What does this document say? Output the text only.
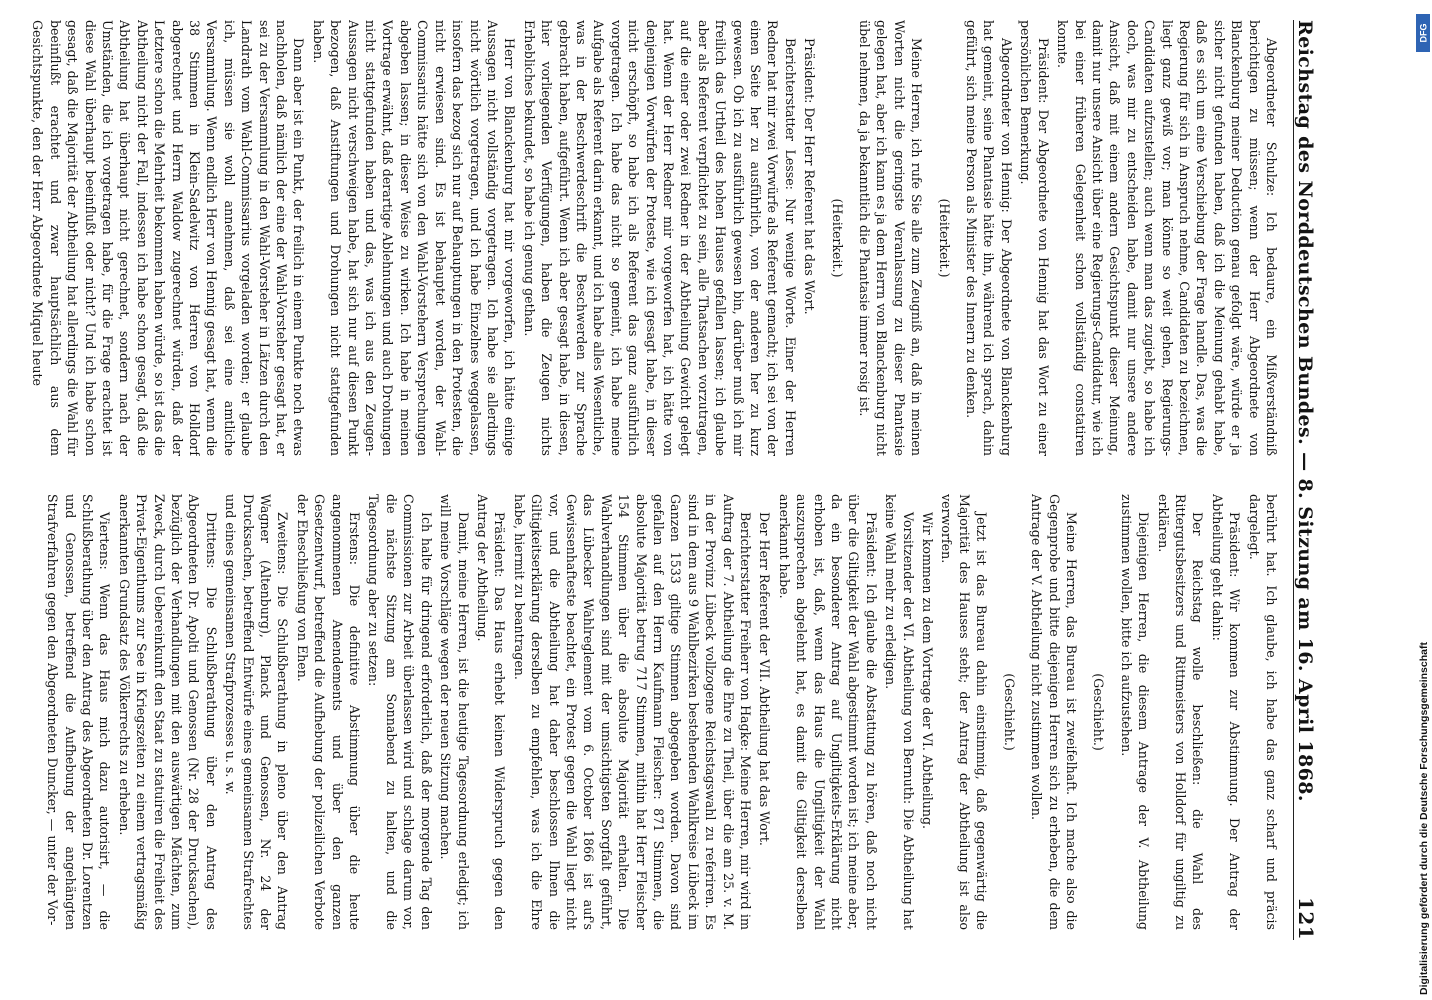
Reichstag des Norddeutschen Bundes. — 8. Sitzung am 16. April 1868.
121

Abgeordneter Schulze: Ich bedaure, ein Mißverständniß berichtigen zu müssen; wenn der Herr Abgeordnete von Blanckenburg meiner Deduction genau gefolgt wäre, würde er ja sicher nicht gefunden haben, daß ich die Meinung gehabt habe, daß es sich um eine Verschiebung der Frage handle. Das, was die Regierung für sich in Anspruch nehme, Candidaten zu bezeichnen, liegt ganz gewiß vor; man könne so weit gehen, Regierungs-Candidaten aufzustellen; auch wenn man das zugiebt, so habe ich doch, was mir zu entscheiden habe, damit nur unsere andere Ansicht, daß mit einem andern Gesichtspunkt dieser Meinung, damit nur unsere Ansicht über eine Regierungs-Candidatur, wie ich bei einer früheren Gelegenheit schon vollständig constatiren konnte.

Präsident: Der Abgeordnete von Hennig hat das Wort zu einer persönlichen Bemerkung.

Abgeordneter von Hennig: Der Abgeordnete von Blanckenburg hat gemeint, seine Phantasie hätte ihn, während ich sprach, dahin geführt, sich meine Person als Minister des Innern zu denken.

(Heiterkeit.)

Meine Herren, ich rufe Sie alle zum Zeugniß an, daß in meinen Worten nicht die geringste Veranlassung zu dieser Phantasie gelegen hat, aber ich kann es ja dem Herrn von Blanckenburg nicht übel nehmen, da ja bekanntlich die Phantasie immer rosig ist.

(Heiterkeit.)

Präsident: Der Herr Referent hat das Wort.

Berichterstatter Lesse: Nur wenige Worte. Einer der Herren Redner hat mir zwei Vorwürfe als Referent gemacht; ich sei von der einen Seite her zu ausführlich, von der anderen her zu kurz gewesen. Ob ich zu ausführlich gewesen bin, darüber muß ich mir freilich das Urtheil des hohen Hauses gefallen lassen; ich glaube aber als Referent verpflichtet zu sein, alle Thatsachen vorzutragen, auf die einer oder zwei Redner in der Abtheilung Gewicht gelegt hat. Wenn der Herr Redner mir vorgeworfen hat, ich hätte von denjenigen Vorwürfen der Proteste, wie ich gesagt habe, in dieser nicht erschöpft, so habe ich als Referent das ganz ausführlich vorgetragen. Ich habe das nicht so gemeint, ich habe meine Aufgabe als Referent darin erkannt, und ich habe alles Wesentliche, was in der Beschwerdeschrift die Beschwerden zur Sprache gebracht haben, aufgeführt. Wenn ich aber gesagt habe, in diesen, hier vorliegenden Verfügungen, haben die Zeugen nichts Erhebliches bekundet, so habe ich genug gethan.

Herr von Blanckenburg hat mir vorgeworfen, ich hätte einige Aussagen nicht vollständig vorgetragen. Ich habe sie allerdings nicht wörtlich vorgetragen, und ich habe Einzelnes weggelassen, insofern das bezog sich nur auf Behauptungen in den Protesten, die nicht erwiesen sind. Es ist behauptet worden, der Wahl-Commissarius hätte sich von den Wahl-Vorstehern Versprechungen abgeben lassen; in dieser Weise zu wirken. Ich habe in meinen Vortrage erwähnt, daß derartige Ablehnungen und auch Drohungen nicht stattgefunden haben und das, was ich aus den Zeugen-Aussagen nicht verschweigen habe, hat sich nur auf diesen Punkt bezogen, daß Anstiftungen und Drohungen nicht stattgefunden haben.

Dann aber ist ein Punkt, der freilich in einem Punkte noch etwas nachholen, daß nämlich der eine der Wahl-Vorsteher gesagt hat, er sei zu der Versammlung in den Wahl-Vorsteher in Lätzen durch den Landrath vom Wahl-Commissarius vorgeladen worden; er glaube ich, müssen sie wohl annehmen, daß sei eine amtliche Versammlung. Wenn endlich Herr von Hennig gesagt hat, wenn die 38 Stimmen in Klein-Sadelwitz von Herren von Holldorf abgerechnet und Herrn Waldow zugerechnet würden, daß der Letztere schon die Mehrheit bekommen haben würde, so ist das die Abtheilung nicht der Fall, indessen ich habe schon gesagt, daß die Abtheilung hat überhaupt nicht gerechnet, sondern nach der Umständen, die ich vorgetragen habe, für die Frage erachtet ist diese Wahl überhaupt beeinflußt oder nicht? Und ich habe schon gesagt, daß die Majorität der Abtheilung hat allerdings die Wahl für beeinflußt erachtet und zwar hauptsächlich aus dem Gesichtspunkte, den der Herr Abgeordnete Miquel heute

berührt hat. Ich glaube, ich habe das ganz scharf und präcis dargelegt.

Präsident: Wir kommen zur Abstimmung. Der Antrag der Abtheilung geht dahin:

Der Reichstag wolle beschließen: die Wahl des Rittergutsbesitzers und Rittmeisters von Holldorf für ungiltig zu erklären.

Diejenigen Herren, die diesem Antrage der V. Abtheilung zustimmen wollen, bitte ich aufzustehen.

(Geschieht.)

Meine Herren, das Bureau ist zweifelhaft. Ich mache also die Gegenprobe und bitte diejenigen Herren sich zu erheben, die dem Antrage der V. Abtheilung nicht zustimmen wollen.

(Geschieht.)

Jetzt ist das Bureau dahin einstimmig, daß gegenwärtig die Majorität des Hauses steht; der Antrag der Abtheilung ist also verworfen.

Wir kommen zu dem Vortrage der VI. Abtheilung.

Vorsitzender der VI. Abtheilung von Bernuth: Die Abtheilung hat keine Wahl mehr zu erledigen.

Präsident: Ich glaube die Abstattung zu hören, daß noch nicht über die Giltigkeit der Wahl abgestimmt worden ist; ich meine aber, da ein besonderer Antrag auf Ungiltigkeits-Erklärung nicht erhoben ist, daß, wenn das Haus die Ungiltigkeit der Wahl auszusprechen abgelehnt hat, es damit die Giltigkeit derselben anerkannt habe.

Der Herr Referent der VII. Abtheilung hat das Wort.

Berichterstatter Freiherr von Hagke: Meine Herren, mir wird im Auftrag der 7. Abtheilung die Ehre zu Theil, über die am 25. v. M. in der Provinz Lübeck vollzogene Reichstagswahl zu referiren. Es sind in dem aus 9 Wahlbezirken bestehenden Wahlkreise Lübeck im Ganzen 1533 giltige Stimmen abgegeben worden. Davon sind gefallen auf den Herrn Kaufmann Fleischer: 871 Stimmen, die absolute Majorität betrug 717 Stimmen, mithin hat Herr Fleischer 154 Stimmen über die absolute Majorität erhalten. Die Wahlverhandlungen sind mit der umsichtigsten Sorgfalt geführt, das Lübecker Wahlreglement vom 6. October 1866 ist auf's Gewissenhafteste beachtet, ein Protest gegen die Wahl liegt nicht vor, und die Abtheilung hat daher beschlossen Ihnen die Giltigkeitserklärung derselben zu empfehlen, was ich die Ehre habe, hiermit zu beantragen.

Präsident: Das Haus erhebt keinen Widerspruch gegen den Antrag der Abtheilung.

Damit, meine Herren, ist die heutige Tagesordnung erledigt; ich will meine Vorschläge wegen der neuen Sitzung machen.

Ich halte für dringend erforderlich, daß der morgende Tag den Commissionen zur Arbeit überlassen wird und schlage darum vor, die nächste Sitzung am Sonnabend zu halten, und die Tagesordnung aber zu setzen:

Erstens: Die definitive Abstimmung über die heute angenommenen Amendements und über den ganzen Gesetzentwurf, betreffend die Aufhebung der polizeilichen Verbote der Eheschließung von Ehen.

Zweitens: Die Schlußberathung in pleno über den Antrag Wagner (Altenburg), Planck und Genossen, Nr. 24 der Drucksachen, betreffend Entwürfe eines gemeinsamen Strafrechtes und eines gemeinsamen Strafprozesses u. s. w.

Drittens: Die Schlußberathung über den Antrag des Abgeordneten Dr. Apolti und Genossen (Nr. 28 der Drucksachen), bezüglich der Verhandlungen mit den auswärtigen Mächten, zum Zweck, durch Uebereinkunft den Staat zu statuiren die Freiheit des Privat-Eigenthums zur See in Kriegszeiten zu einem vertragsmäßig anerkannten Grundsatz des Völkerrechts zu erheben.

Viertens: Wenn das Haus mich dazu autorisirt, — die Schlußberathung über den Antrag des Abgeordneten Dr. Lorentzen und Genossen, betreffend die Aufhebung der angehängten Strafverfahren gegen den Abgeordneten Duncker, — unter der Vor-

DFG
Digitalisierung gefördert durch die Deutsche Forschungsgemeinschaft
